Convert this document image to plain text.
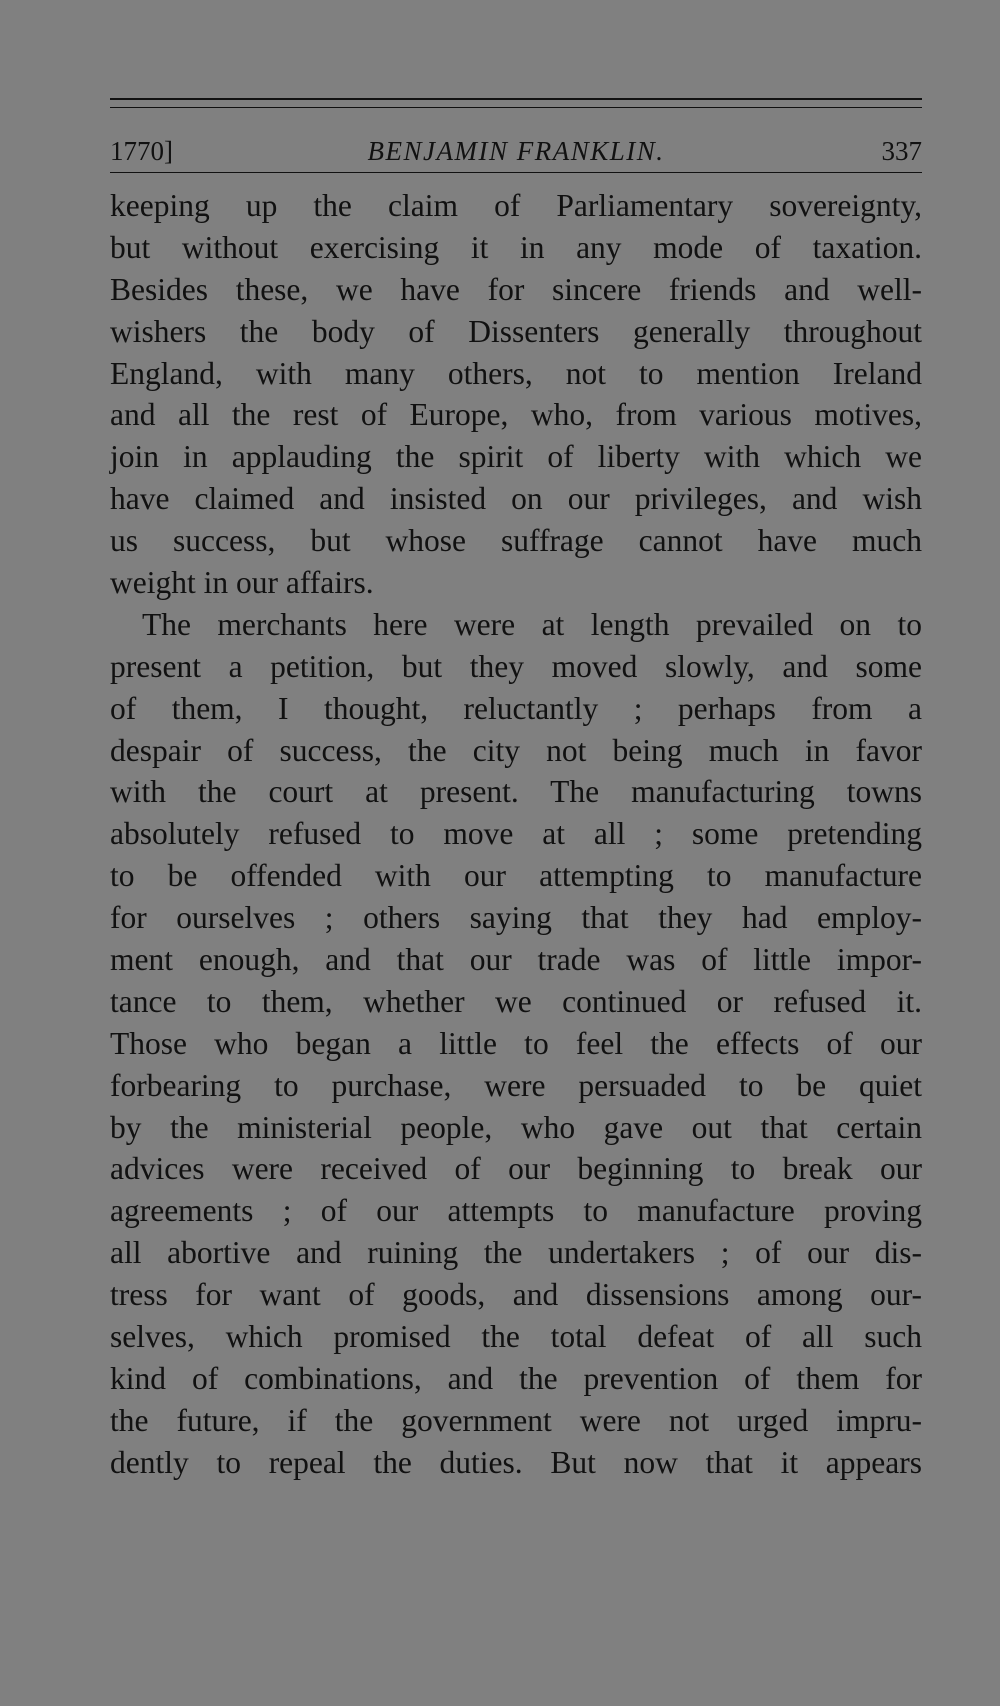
1770]	BENJAMIN FRANKLIN.	337
keeping up the claim of Parliamentary sovereignty,
but without exercising it in any mode of taxation.
Besides these, we have for sincere friends and well-
wishers the body of Dissenters generally throughout
England, with many others, not to mention Ireland
and all the rest of Europe, who, from various motives,
join in applauding the spirit of liberty with which we
have claimed and insisted on our privileges, and wish
us success, but whose suffrage cannot have much
weight in our affairs.
The merchants here were at length prevailed on to
present a petition, but they moved slowly, and some
of them, I thought, reluctantly ; perhaps from a
despair of success, the city not being much in favor
with the court at present. The manufacturing towns
absolutely refused to move at all ; some pretending
to be offended with our attempting to manufacture
for ourselves ; others saying that they had employ-
ment enough, and that our trade was of little impor-
tance to them, whether we continued or refused it.
Those who began a little to feel the effects of our
forbearing to purchase, were persuaded to be quiet
by the ministerial people, who gave out that certain
advices were received of our beginning to break our
agreements ; of our attempts to manufacture proving
all abortive and ruining the undertakers ; of our dis-
tress for want of goods, and dissensions among our-
selves, which promised the total defeat of all such
kind of combinations, and the prevention of them for
the future, if the government were not urged impru-
dently to repeal the duties. But now that it appears
